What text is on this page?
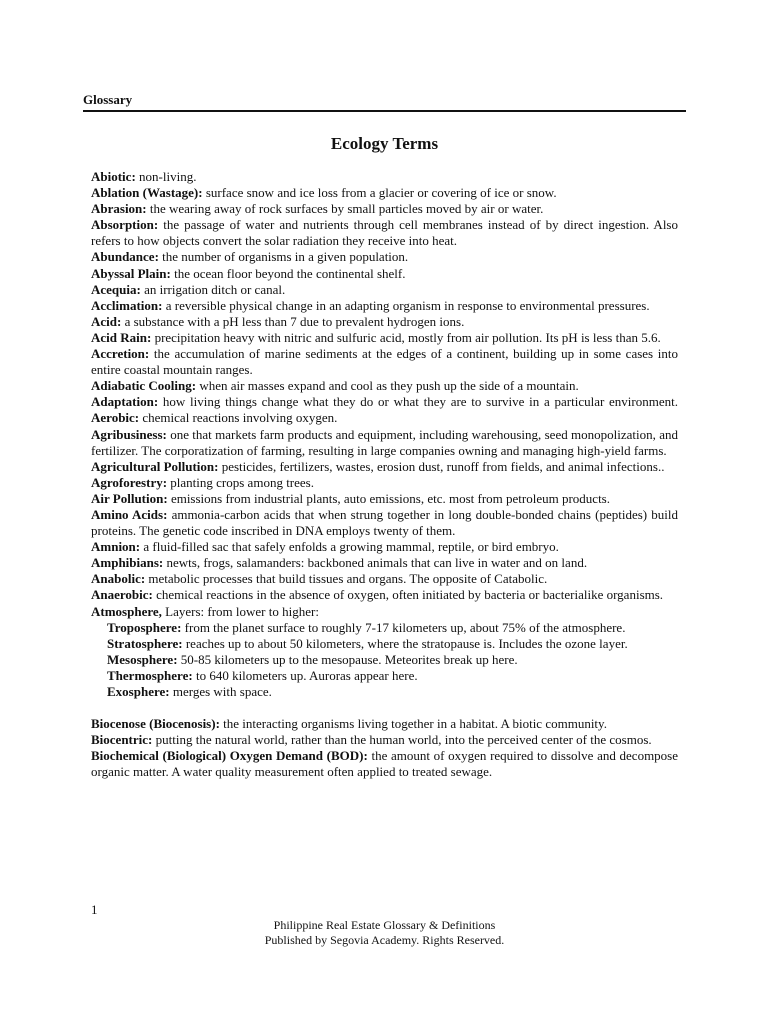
Glossary
Ecology Terms

Abiotic: non-living.

Ablation (Wastage): surface snow and ice loss from a glacier or covering of ice or snow.

Abrasion: the wearing away of rock surfaces by small particles moved by air or water.

Absorption: the passage of water and nutrients through cell membranes instead of by direct ingestion. Also refers to how objects convert the solar radiation they receive into heat.

Abundance: the number of organisms in a given population.

Abyssal Plain: the ocean floor beyond the continental shelf.

Acequia: an irrigation ditch or canal.

Acclimation: a reversible physical change in an adapting organism in response to environmental pressures.

Acid: a substance with a pH less than 7 due to prevalent hydrogen ions.

Acid Rain: precipitation heavy with nitric and sulfuric acid, mostly from air pollution. Its pH is less than 5.6.

Accretion: the accumulation of marine sediments at the edges of a continent, building up in some cases into entire coastal mountain ranges.

Adiabatic Cooling: when air masses expand and cool as they push up the side of a mountain.

Adaptation: how living things change what they do or what they are to survive in a particular environment. Aerobic: chemical reactions involving oxygen.

Agribusiness: one that markets farm products and equipment, including warehousing, seed monopolization, and fertilizer. The corporatization of farming, resulting in large companies owning and managing high-yield farms.

Agricultural Pollution: pesticides, fertilizers, wastes, erosion dust, runoff from fields, and animal infections..

Agroforestry: planting crops among trees.

Air Pollution: emissions from industrial plants, auto emissions, etc. most from petroleum products.

Amino Acids: ammonia-carbon acids that when strung together in long double-bonded chains (peptides) build proteins. The genetic code inscribed in DNA employs twenty of them.

Amnion: a fluid-filled sac that safely enfolds a growing mammal, reptile, or bird embryo.

Amphibians: newts, frogs, salamanders: backboned animals that can live in water and on land.

Anabolic: metabolic processes that build tissues and organs. The opposite of Catabolic.

Anaerobic: chemical reactions in the absence of oxygen, often initiated by bacteria or bacterialike organisms.

Atmosphere, Layers: from lower to higher:

Troposphere: from the planet surface to roughly 7-17 kilometers up, about 75% of the atmosphere.

Stratosphere: reaches up to about 50 kilometers, where the stratopause is. Includes the ozone layer.

Mesosphere: 50-85 kilometers up to the mesopause. Meteorites break up here.

Thermosphere: to 640 kilometers up. Auroras appear here.

Exosphere: merges with space.

Biocenose (Biocenosis): the interacting organisms living together in a habitat. A biotic community.

Biocentric: putting the natural world, rather than the human world, into the perceived center of the cosmos.

Biochemical (Biological) Oxygen Demand (BOD): the amount of oxygen required to dissolve and decompose organic matter. A water quality measurement often applied to treated sewage.

1
Philippine Real Estate Glossary & Definitions
Published by Segovia Academy. Rights Reserved.
